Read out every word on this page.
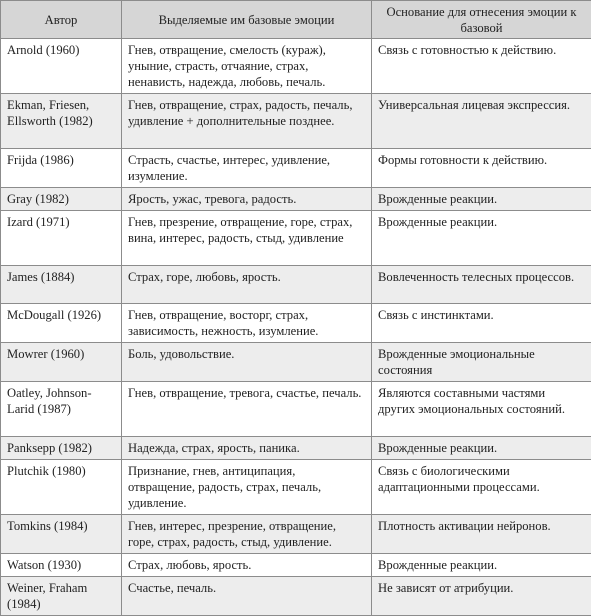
Автор	Выделяемые им базовые эмоции	Основание для отнесения эмоции к базовой
Arnold (1960)	Гнев, отвращение, смелость (кураж), уныние, страсть, отчаяние, страх, ненависть, надежда, любовь, печаль.	Связь с готовностью к действию.
Ekman, Friesen, Ellsworth (1982)	Гнев, отвращение, страх, радость, печаль, удивление + дополнительные позднее.	Универсальная лицевая экспрессия.
Frijda (1986)	Страсть, счастье, интерес, удивление, изумление.	Формы готовности к действию.
Gray (1982)	Ярость, ужас, тревога, радость.	Врожденные реакции.
Izard (1971)	Гнев, презрение, отвращение, горе, страх, вина, интерес, радость, стыд, удивление	Врожденные реакции.
James (1884)	Страх, горе, любовь, ярость.	Вовлеченность телесных процессов.
McDougall (1926)	Гнев, отвращение, восторг, страх, зависимость, нежность, изумление.	Связь с инстинктами.
Mowrer (1960)	Боль, удовольствие.	Врожденные эмоциональные состояния
Oatley, Johnson-Larid (1987)	Гнев, отвращение, тревога, счастье, печаль.	Являются составными частями других эмоциональных состояний.
Panksepp (1982)	Надежда, страх, ярость, паника.	Врожденные реакции.
Plutchik (1980)	Признание, гнев, антиципация, отвращение, радость, страх, печаль, удивление.	Связь с биологическими адаптационными процессами.
Tomkins (1984)	Гнев, интерес, презрение, отвращение, горе, страх, радость, стыд, удивление.	Плотность активации нейронов.
Watson (1930)	Страх, любовь, ярость.	Врожденные реакции.
Weiner, Fraham (1984)	Счастье, печаль.	Не зависят от атрибуции.
